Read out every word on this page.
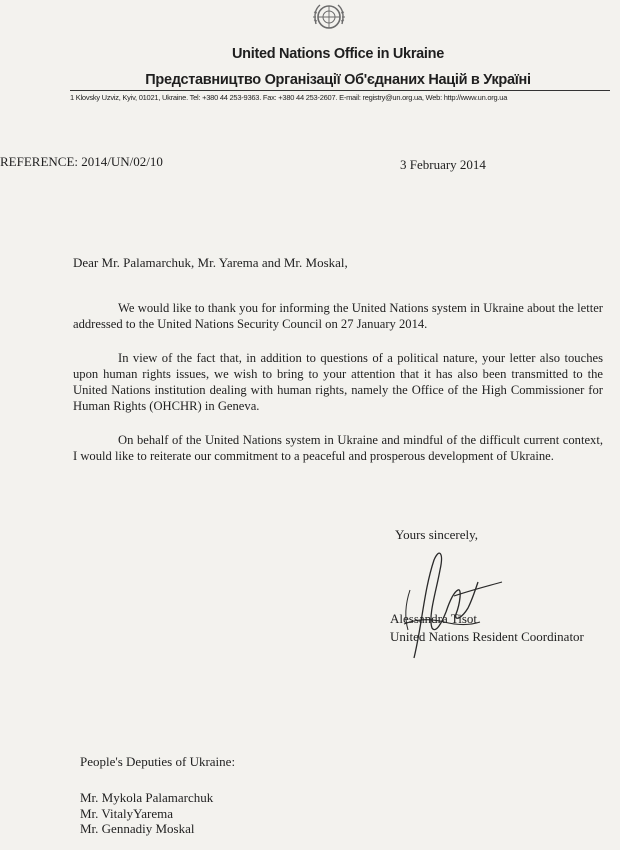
United Nations Office in Ukraine
Представництво Організації Об'єднаних Націй в Україні
1 Klovsky Uzviz, Kyiv, 01021, Ukraine. Tel: +380 44 253-9363. Fax: +380 44 253-2607. E-mail: registry@un.org.ua, Web: http://www.un.org.ua
REFERENCE: 2014/UN/02/10	3 February 2014
Dear Mr. Palamarchuk, Mr. Yarema and Mr. Moskal,
We would like to thank you for informing the United Nations system in Ukraine about the letter addressed to the United Nations Security Council on 27 January 2014.
In view of the fact that, in addition to questions of a political nature, your letter also touches upon human rights issues, we wish to bring to your attention that it has also been transmitted to the United Nations institution dealing with human rights, namely the Office of the High Commissioner for Human Rights (OHCHR) in Geneva.
On behalf of the United Nations system in Ukraine and mindful of the difficult current context, I would like to reiterate our commitment to a peaceful and prosperous development of Ukraine.
Yours sincerely,
Alessandra Tisot
United Nations Resident Coordinator
People's Deputies of Ukraine:
Mr. Mykola Palamarchuk
Mr. VitalyYarema
Mr. Gennadiy Moskal
